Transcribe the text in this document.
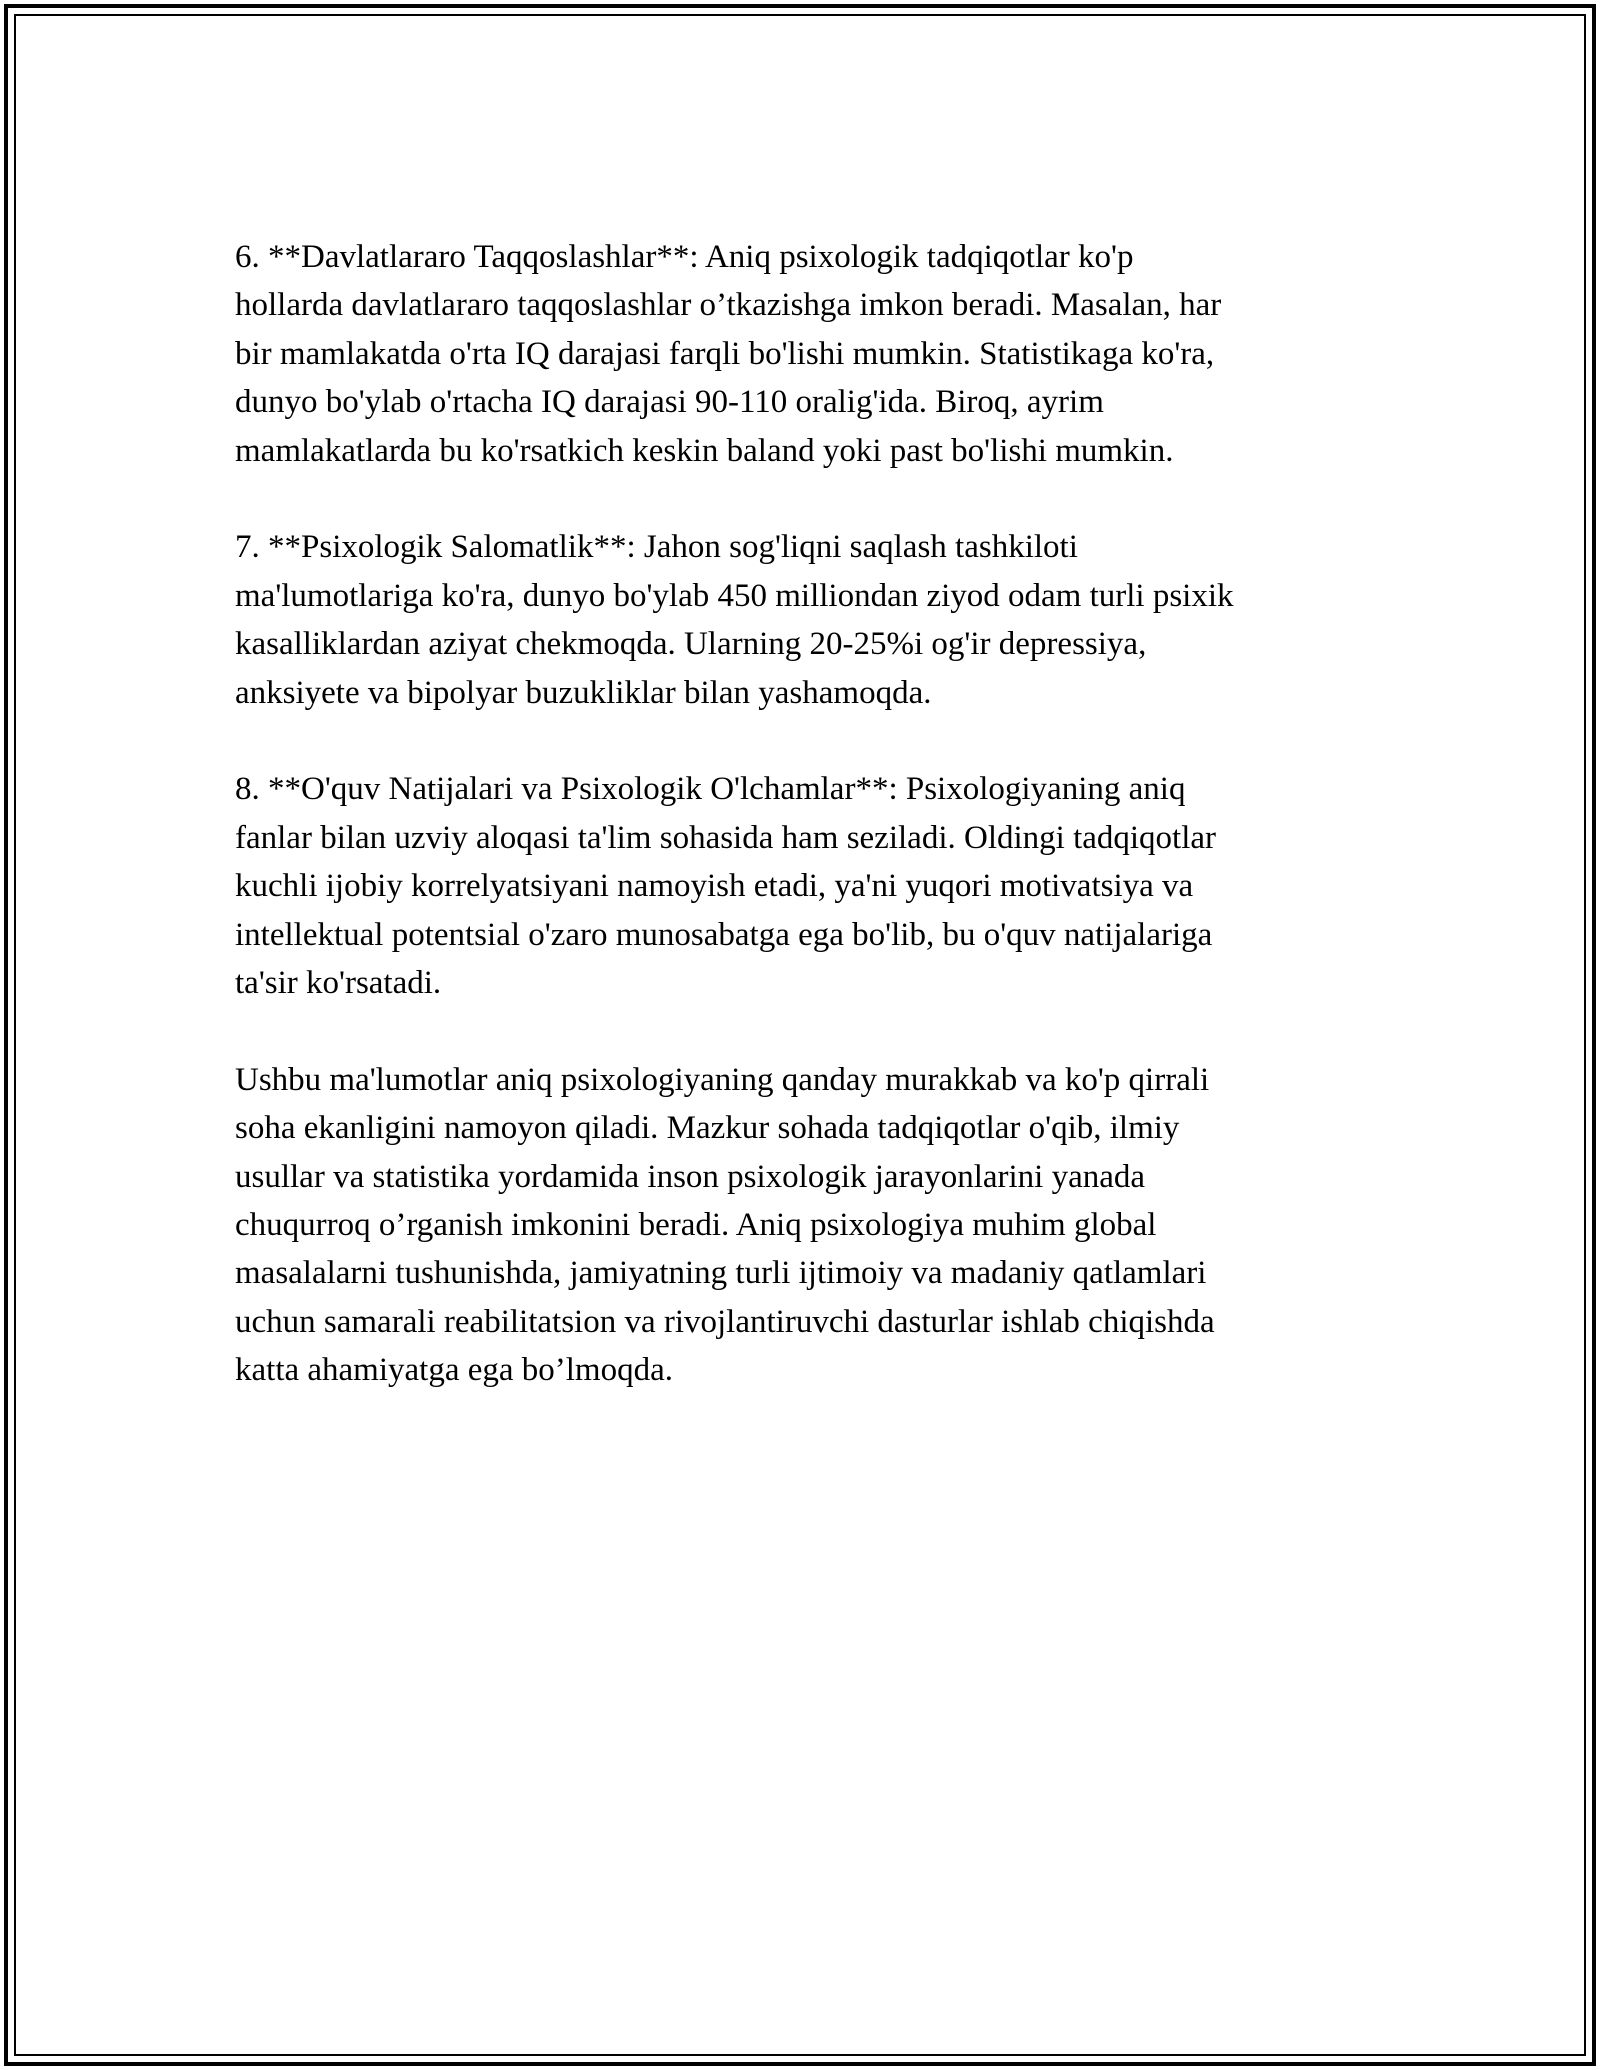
6. **Davlatlararo Taqqoslashlar**: Aniq psixologik tadqiqotlar ko'p
hollarda davlatlararo taqqoslashlar o’tkazishga imkon beradi. Masalan, har
bir mamlakatda o'rta IQ darajasi farqli bo'lishi mumkin. Statistikaga ko'ra,
dunyo bo'ylab o'rtacha IQ darajasi 90-110 oralig'ida. Biroq, ayrim
mamlakatlarda bu ko'rsatkich keskin baland yoki past bo'lishi mumkin.

7. **Psixologik Salomatlik**: Jahon sog'liqni saqlash tashkiloti
ma'lumotlariga ko'ra, dunyo bo'ylab 450 milliondan ziyod odam turli psixik
kasalliklardan aziyat chekmoqda. Ularning 20-25%i og'ir depressiya,
anksiyete va bipolyar buzukliklar bilan yashamoqda.

8. **O'quv Natijalari va Psixologik O'lchamlar**: Psixologiyaning aniq
fanlar bilan uzviy aloqasi ta'lim sohasida ham seziladi. Oldingi tadqiqotlar
kuchli ijobiy korrelyatsiyani namoyish etadi, ya'ni yuqori motivatsiya va
intellektual potentsial o'zaro munosabatga ega bo'lib, bu o'quv natijalariga
ta'sir ko'rsatadi.

Ushbu ma'lumotlar aniq psixologiyaning qanday murakkab va ko'p qirrali
soha ekanligini namoyon qiladi. Mazkur sohada tadqiqotlar o'qib, ilmiy
usullar va statistika yordamida inson psixologik jarayonlarini yanada
chuqurroq o’rganish imkonini beradi. Aniq psixologiya muhim global
masalalarni tushunishda, jamiyatning turli ijtimoiy va madaniy qatlamlari
uchun samarali reabilitatsion va rivojlantiruvchi dasturlar ishlab chiqishda
katta ahamiyatga ega bo’lmoqda.
